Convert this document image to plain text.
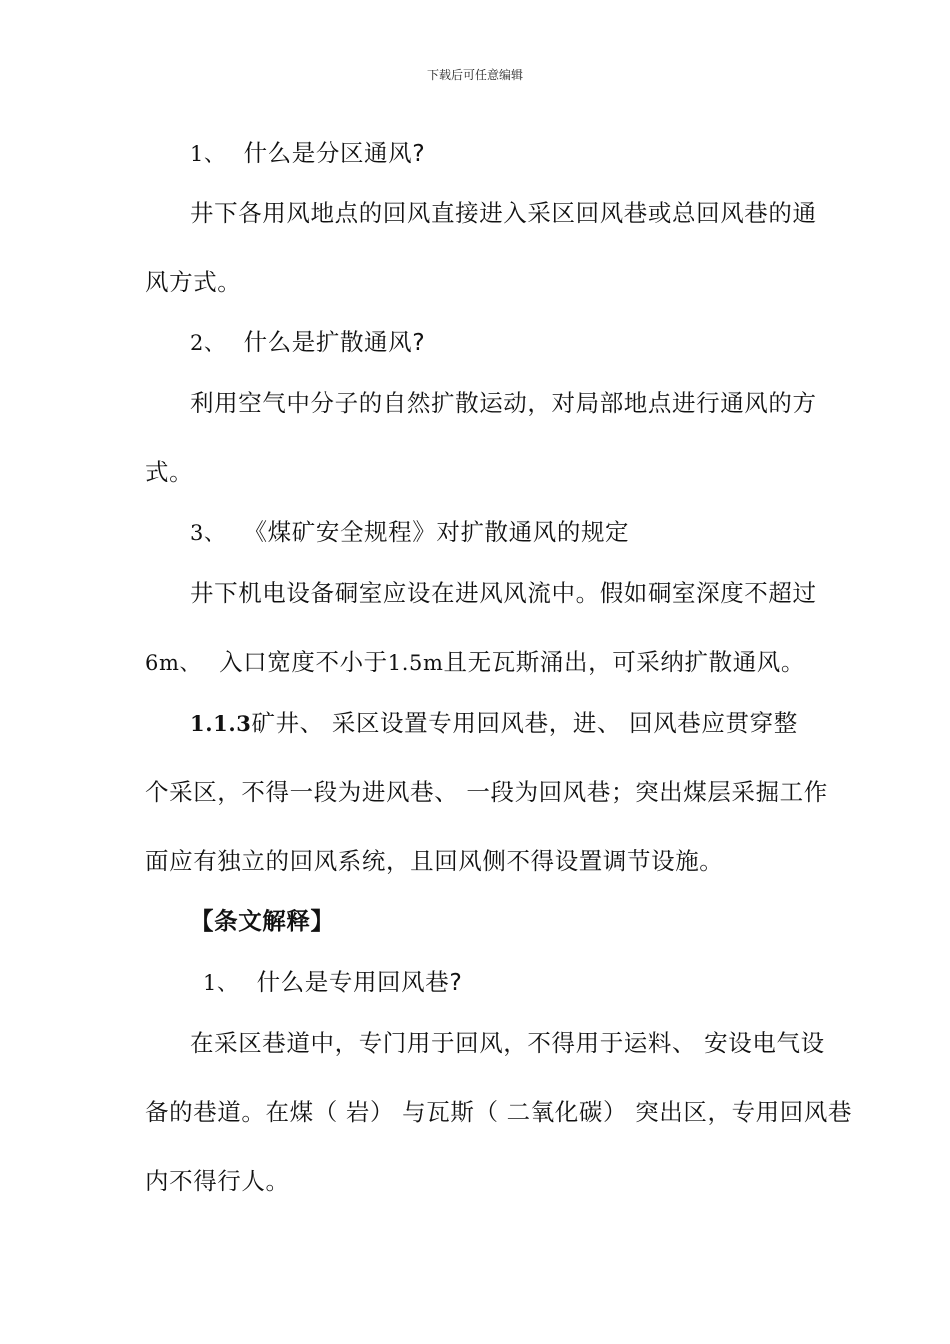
下载后可任意编辑
1、 什么是分区通风?
井下各用风地点的回风直接进入采区回风巷或总回风巷的通
风方式。
2、 什么是扩散通风?
利用空气中分子的自然扩散运动，对局部地点进行通风的方
式。
3、 《煤矿安全规程》对扩散通风的规定
井下机电设备硐室应设在进风风流中。假如硐室深度不超过
6m、 入口宽度不小于1.5m且无瓦斯涌出，可采纳扩散通风。
1.1.3矿井、 采区设置专用回风巷，进、 回风巷应贯穿整
个采区，不得一段为进风巷、 一段为回风巷；突出煤层采掘工作
面应有独立的回风系统，且回风侧不得设置调节设施。
【条文解释】
1、 什么是专用回风巷?
在采区巷道中，专门用于回风，不得用于运料、 安设电气设
备的巷道。在煤（ 岩） 与瓦斯（ 二氧化碳） 突出区，专用回风巷
内不得行人。
